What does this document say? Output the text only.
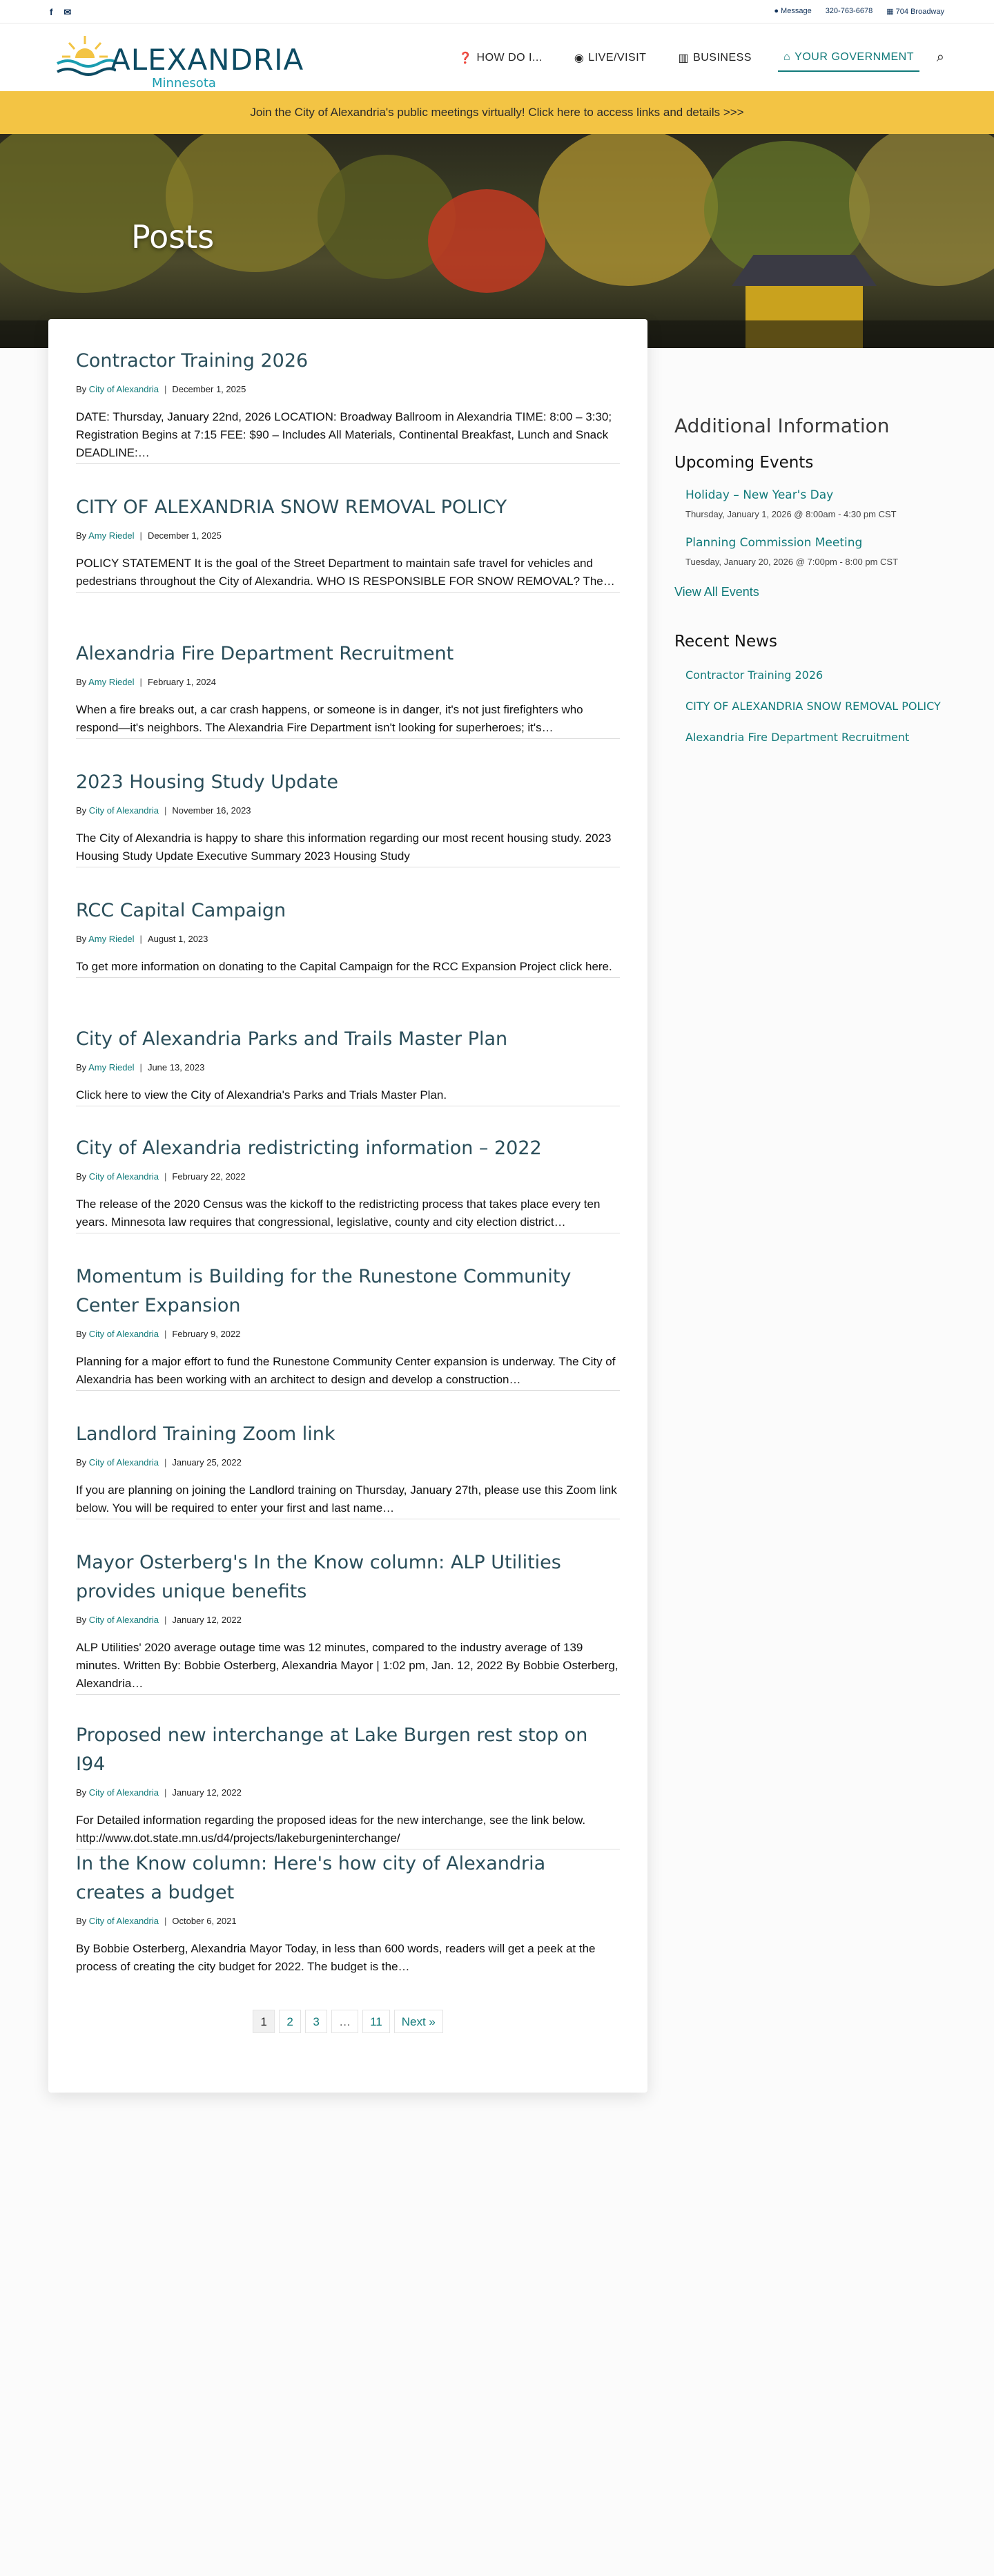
f ✉	● Message 320-763-6678 ▦ 704 Broadway
ALEXANDRIA
Minnesota
❓ HOW DO I...	◉ LIVE/VISIT	▥ BUSINESS	⌂ YOUR GOVERNMENT ⌕
Join the City of Alexandria's public meetings virtually! Click here to access links and details >>>
Posts
Contractor Training 2026
By City of Alexandria | December 1, 2025
DATE: Thursday, January 22nd, 2026 LOCATION: Broadway Ballroom in Alexandria TIME: 8:00 – 3:30; Registration Begins at 7:15 FEE: $90 – Includes All Materials, Continental Breakfast, Lunch and Snack DEADLINE:…
CITY OF ALEXANDRIA SNOW REMOVAL POLICY
By Amy Riedel | December 1, 2025
POLICY STATEMENT It is the goal of the Street Department to maintain safe travel for vehicles and pedestrians throughout the City of Alexandria. WHO IS RESPONSIBLE FOR SNOW REMOVAL? The…
Alexandria Fire Department Recruitment
By Amy Riedel | February 1, 2024
When a fire breaks out, a car crash happens, or someone is in danger, it's not just firefighters who respond—it's neighbors. The Alexandria Fire Department isn't looking for superheroes; it's…
2023 Housing Study Update
By City of Alexandria | November 16, 2023
The City of Alexandria is happy to share this information regarding our most recent housing study. 2023 Housing Study Update Executive Summary 2023 Housing Study
RCC Capital Campaign
By Amy Riedel | August 1, 2023
To get more information on donating to the Capital Campaign for the RCC Expansion Project click here.
City of Alexandria Parks and Trails Master Plan
By Amy Riedel | June 13, 2023
Click here to view the City of Alexandria's Parks and Trials Master Plan.
City of Alexandria redistricting information – 2022
By City of Alexandria | February 22, 2022
The release of the 2020 Census was the kickoff to the redistricting process that takes place every ten years. Minnesota law requires that congressional, legislative, county and city election district…
Momentum is Building for the Runestone Community Center Expansion
By City of Alexandria | February 9, 2022
Planning for a major effort to fund the Runestone Community Center expansion is underway. The City of Alexandria has been working with an architect to design and develop a construction…
Landlord Training Zoom link
By City of Alexandria | January 25, 2022
If you are planning on joining the Landlord training on Thursday, January 27th, please use this Zoom link below. You will be required to enter your first and last name…
Mayor Osterberg's In the Know column: ALP Utilities provides unique benefits
By City of Alexandria | January 12, 2022
ALP Utilities' 2020 average outage time was 12 minutes, compared to the industry average of 139 minutes. Written By: Bobbie Osterberg, Alexandria Mayor | 1:02 pm, Jan. 12, 2022 By Bobbie Osterberg, Alexandria…
Proposed new interchange at Lake Burgen rest stop on I94
By City of Alexandria | January 12, 2022
For Detailed information regarding the proposed ideas for the new interchange, see the link below. http://www.dot.state.mn.us/d4/projects/lakeburgeninterchange/
In the Know column: Here's how city of Alexandria creates a budget
By City of Alexandria | October 6, 2021
By Bobbie Osterberg, Alexandria Mayor Today, in less than 600 words, readers will get a peek at the process of creating the city budget for 2022. The budget is the…
1	2	3	…	11	Next »
Additional Information
Upcoming Events
Holiday – New Year's Day
Thursday, January 1, 2026 @ 8:00am - 4:30 pm CST
Planning Commission Meeting
Tuesday, January 20, 2026 @ 7:00pm - 8:00 pm CST
View All Events
Recent News
Contractor Training 2026
CITY OF ALEXANDRIA SNOW REMOVAL POLICY
Alexandria Fire Department Recruitment
